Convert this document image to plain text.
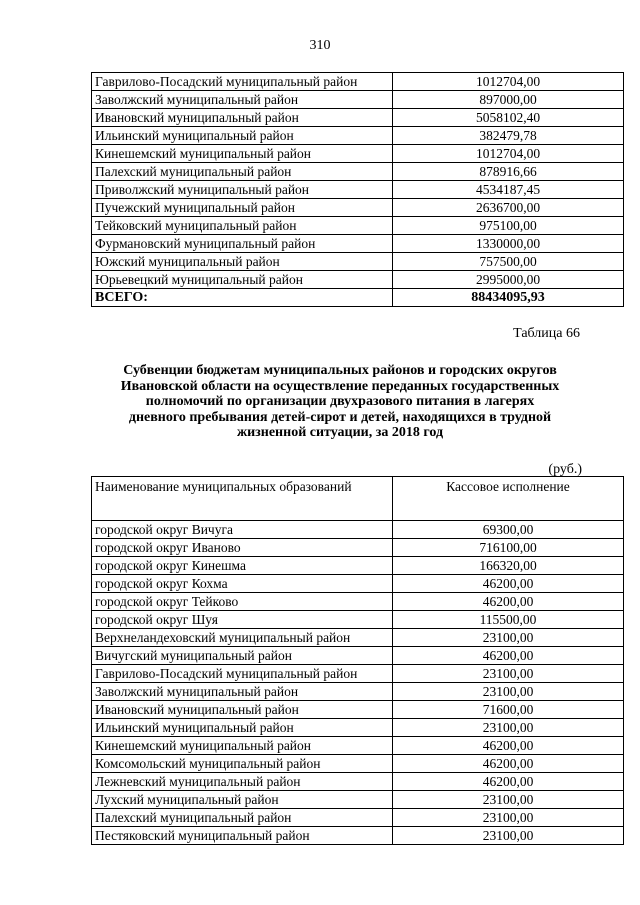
310
Гаврилово-Посадский муниципальный район	1012704,00
Заволжский муниципальный район	897000,00
Ивановский муниципальный район	5058102,40
Ильинский муниципальный район	382479,78
Кинешемский муниципальный район	1012704,00
Палехский муниципальный район	878916,66
Приволжский муниципальный район	4534187,45
Пучежский муниципальный район	2636700,00
Тейковский муниципальный район	975100,00
Фурмановский муниципальный район	1330000,00
Южский муниципальный район	757500,00
Юрьевецкий муниципальный район	2995000,00
ВСЕГО:	88434095,93
Таблица 66
Субвенции бюджетам муниципальных районов и городских округов
Ивановской области на осуществление переданных государственных
полномочий по организации двухразового питания в лагерях
дневного пребывания детей-сирот и детей, находящихся в трудной
жизненной ситуации, за 2018 год
(руб.)
Наименование муниципальных образований	Кассовое исполнение
городской округ Вичуга	69300,00
городской округ Иваново	716100,00
городской округ Кинешма	166320,00
городской округ Кохма	46200,00
городской округ Тейково	46200,00
городской округ Шуя	115500,00
Верхнеландеховский муниципальный район	23100,00
Вичугский муниципальный район	46200,00
Гаврилово-Посадский муниципальный район	23100,00
Заволжский муниципальный район	23100,00
Ивановский муниципальный район	71600,00
Ильинский муниципальный район	23100,00
Кинешемский муниципальный район	46200,00
Комсомольский муниципальный район	46200,00
Лежневский муниципальный район	46200,00
Лухский муниципальный район	23100,00
Палехский муниципальный район	23100,00
Пестяковский муниципальный район	23100,00
